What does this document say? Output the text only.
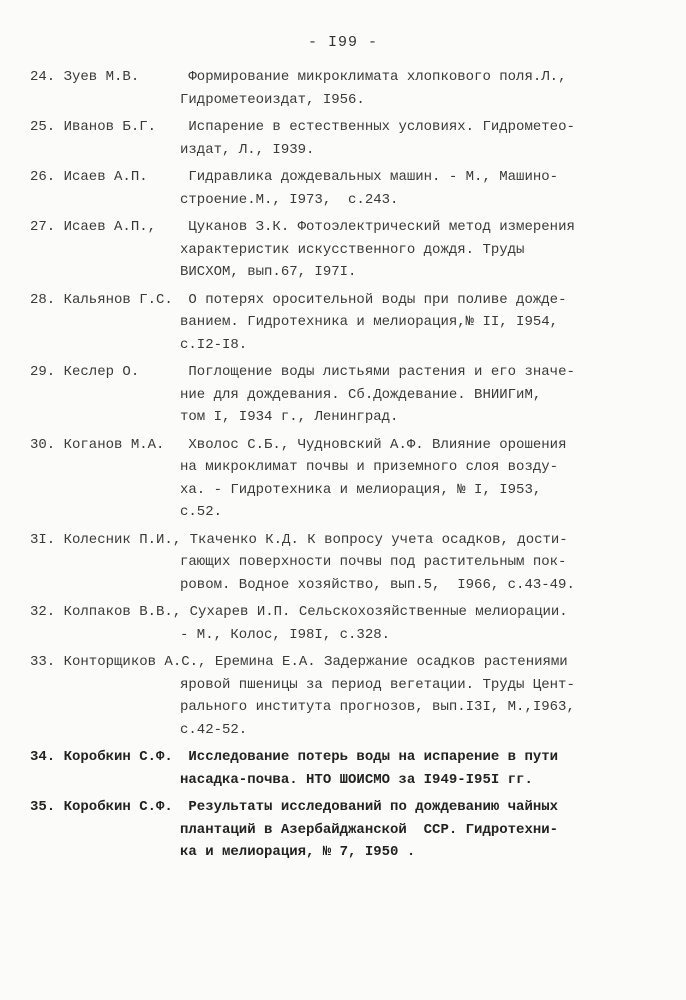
- I99 -
24. Зуев М.В.	Формирование микроклимата хлопкового поля.Л.,
Гидрометеоиздат, I956.
25. Иванов Б.Г. Испарение в естественных условиях. Гидрометео-
издат, Л., I939.
26. Исаев А.П.	Гидравлика дождевальных машин. - М., Машино-
строение.М., I973,  с.243.
27. Исаев А.П., Цуканов З.К. Фотоэлектрический метод измерения
характеристик искусственного дождя. Труды
ВИСХОМ, вып.67, I97I.
28. Кальянов Г.С. О потерях оросительной воды при поливе дожде-
ванием. Гидротехника и мелиорация,№ II, I954,
с.I2-I8.
29. Кеслер О.	Поглощение воды листьями растения и его значе-
ние для дождевания. Сб.Дождевание. ВНИИГиМ,
том I, I934 г., Ленинград.
30. Коганов М.А. Хволос С.Б., Чудновский А.Ф. Влияние орошения
на микроклимат почвы и приземного слоя возду-
ха. - Гидротехника и мелиорация, № I, I953,
с.52.
3I. Колесник П.И., Ткаченко К.Д. К вопросу учета осадков, дости-
гающих поверхности почвы под растительным пок-
ровом. Водное хозяйство, вып.5,  I966, с.43-49.
32. Колпаков В.В., Сухарев И.П. Сельскохозяйственные мелиорации.
- М., Колос, I98I, с.328.
33. Конторщиков А.С., Еремина Е.А. Задержание осадков растениями
яровой пшеницы за период вегетации. Труды Цент-
рального института прогнозов, вып.I3I, М.,I963,
с.42-52.
34. Коробкин С.Ф. Исследование потерь воды на испарение в пути
насадка-почва. НТО ШОИСМО за I949-I95I гг.
35. Коробкин С.Ф. Результаты исследований по дождеванию чайных
плантаций в Азербайджанской  ССР. Гидротехни-
ка и мелиорация, № 7, I950 .
